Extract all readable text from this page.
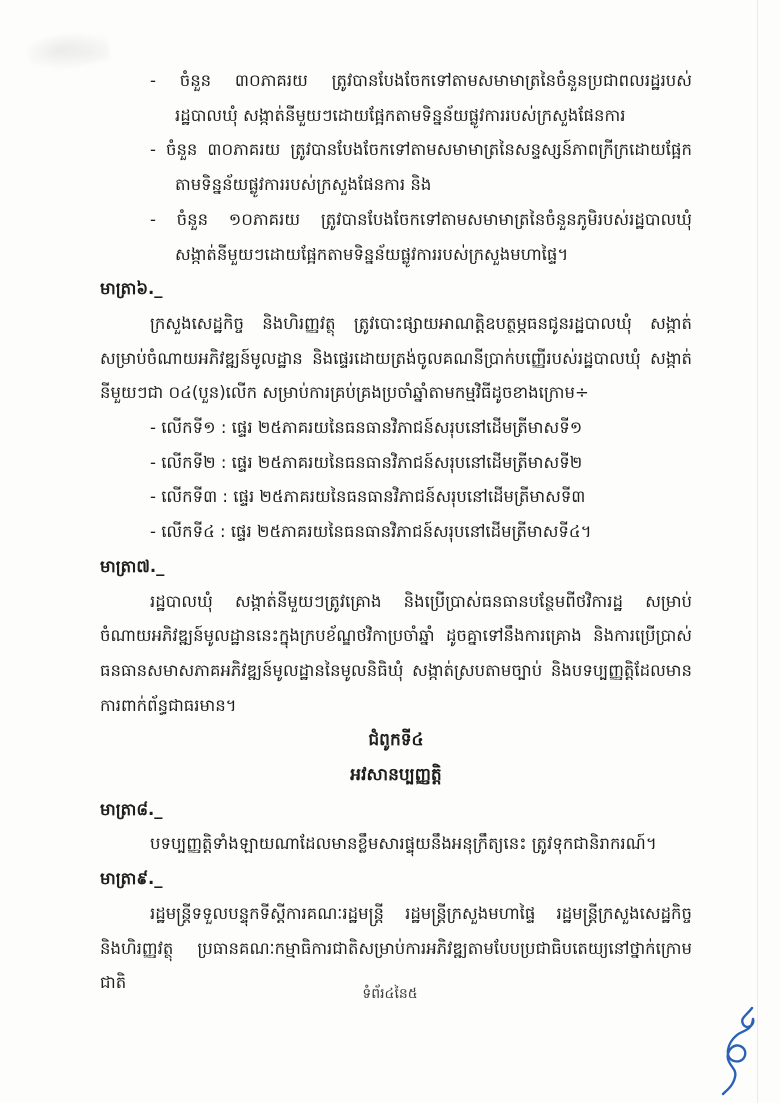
- ចំនួន ៣០ភាគរយ ត្រូវបានបែងចែកទៅតាមសមាមាត្រនៃចំនួនប្រជាពលរដ្ឋរបស់រដ្ឋបាលឃុំ សង្កាត់នីមួយៗដោយផ្អែកតាមទិន្នន័យផ្លូវការរបស់ក្រសួងផែនការ
- ចំនួន ៣០ភាគរយ ត្រូវបានបែងចែកទៅតាមសមាមាត្រនៃសន្ទស្សន៍ភាពក្រីក្រដោយផ្អែកតាមទិន្នន័យផ្លូវការរបស់ក្រសួងផែនការ និង
- ចំនួន ១០ភាគរយ ត្រូវបានបែងចែកទៅតាមសមាមាត្រនៃចំនួនភូមិរបស់រដ្ឋបាលឃុំ សង្កាត់នីមួយៗដោយផ្អែកតាមទិន្នន័យផ្លូវការរបស់ក្រសួងមហាផ្ទៃ។

មាត្រា៦._

ក្រសួងសេដ្ឋកិច្ច និងហិរញ្ញវត្ថុ ត្រូវបោះផ្សាយអាណត្តិឧបត្ថម្ភធនជូនរដ្ឋបាលឃុំ សង្កាត់សម្រាប់ចំណាយអភិវឌ្ឍន៍មូលដ្ឋាន និងផ្ទេរដោយត្រង់ចូលគណនីប្រាក់បញ្ញើរបស់រដ្ឋបាលឃុំ សង្កាត់នីមួយៗជា ០៤(បួន)លើក សម្រាប់ការគ្រប់គ្រងប្រចាំឆ្នាំតាមកម្មវិធីដូចខាងក្រោម÷

- លើកទី១ : ផ្ទេរ ២៥ភាគរយនៃធនធានវិភាជន៍សរុបនៅដើមត្រីមាសទី១
- លើកទី២ : ផ្ទេរ ២៥ភាគរយនៃធនធានវិភាជន៍សរុបនៅដើមត្រីមាសទី២
- លើកទី៣ : ផ្ទេរ ២៥ភាគរយនៃធនធានវិភាជន៍សរុបនៅដើមត្រីមាសទី៣
- លើកទី៤ : ផ្ទេរ ២៥ភាគរយនៃធនធានវិភាជន៍សរុបនៅដើមត្រីមាសទី៤។

មាត្រា៧._

រដ្ឋបាលឃុំ សង្កាត់នីមួយៗត្រូវគ្រោង និងប្រើប្រាស់ធនធានបន្ថែមពីថវិការដ្ឋ សម្រាប់ចំណាយអភិវឌ្ឍន៍មូលដ្ឋាននេះក្នុងក្របខ័ណ្ឌថវិកាប្រចាំឆ្នាំ ដូចគ្នាទៅនឹងការគ្រោង និងការប្រើប្រាស់ធនធានសមាសភាគអភិវឌ្ឍន៍មូលដ្ឋាននៃមូលនិធិឃុំ សង្កាត់ស្របតាមច្បាប់ និងបទប្បញ្ញត្តិដែលមានការពាក់ព័ន្ធជាធរមាន។

ជំពូកទី៤

អវសានប្បញ្ញត្តិ

មាត្រា៨._

បទប្បញ្ញត្តិទាំងឡាយណាដែលមានខ្លឹមសារផ្ទុយនឹងអនុក្រឹត្យនេះ ត្រូវទុកជានិរាករណ៍។

មាត្រា៩._

រដ្ឋមន្ត្រីទទួលបន្ទុកទីស្តីការគណៈរដ្ឋមន្ត្រី រដ្ឋមន្ត្រីក្រសួងមហាផ្ទៃ រដ្ឋមន្ត្រីក្រសួងសេដ្ឋកិច្ច និងហិរញ្ញវត្ថុ ប្រធានគណៈកម្មាធិការជាតិសម្រាប់ការអភិវឌ្ឍតាមបែបប្រជាធិបតេយ្យនៅថ្នាក់ក្រោមជាតិ

ទំព័រ៤នៃ៥
